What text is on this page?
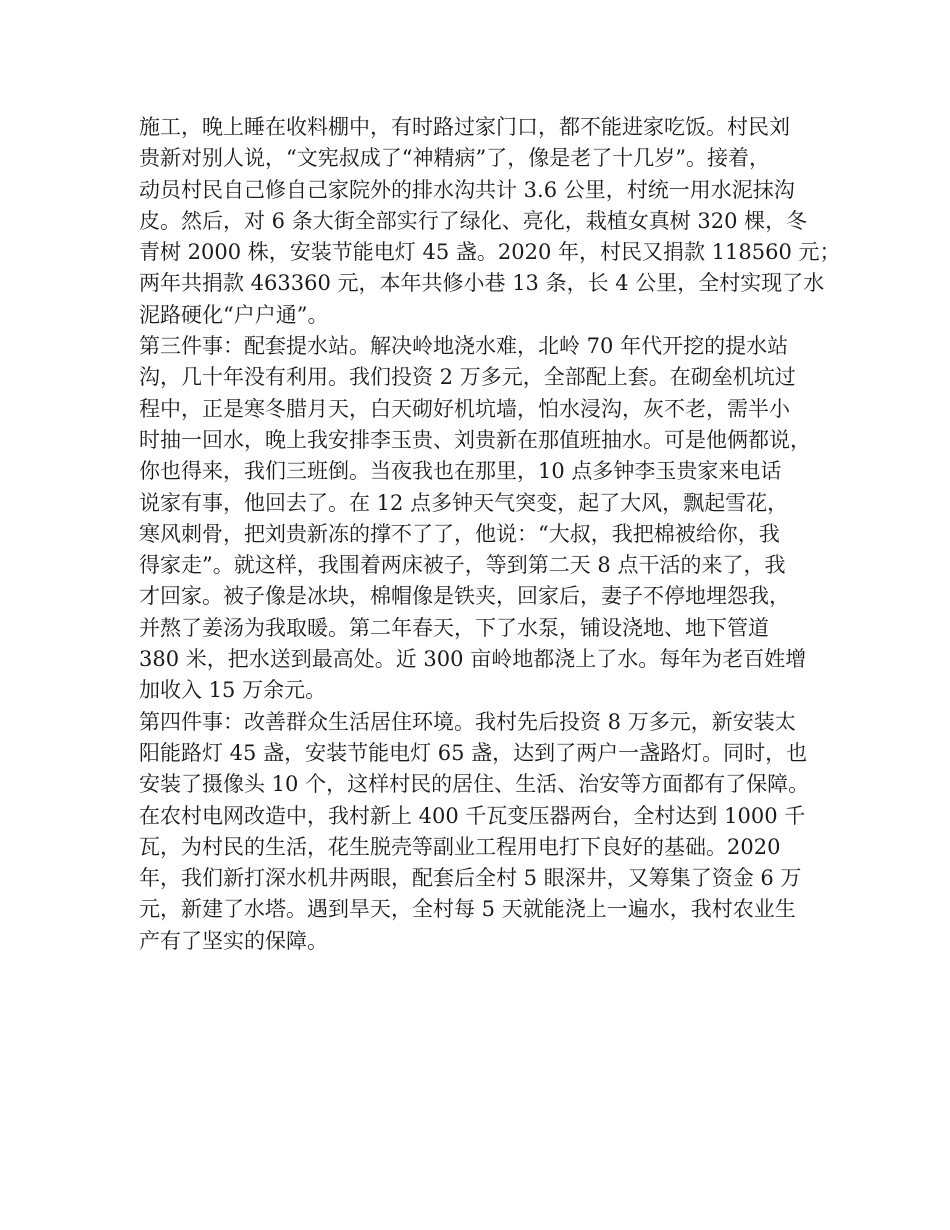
施工，晚上睡在收料棚中，有时路过家门口，都不能进家吃饭。村民刘
贵新对别人说，“文宪叔成了“神精病”了，像是老了十几岁”。接着，
动员村民自己修自己家院外的排水沟共计 3.6 公里，村统一用水泥抹沟
皮。然后，对 6 条大街全部实行了绿化、亮化，栽植女真树 320 棵，冬
青树 2000 株，安装节能电灯 45 盏。2020 年，村民又捐款 118560 元；
两年共捐款 463360 元，本年共修小巷 13 条，长 4 公里，全村实现了水
泥路硬化“户户通”。
第三件事：配套提水站。解决岭地浇水难，北岭 70 年代开挖的提水站
沟，几十年没有利用。我们投资 2 万多元，全部配上套。在砌垒机坑过
程中，正是寒冬腊月天，白天砌好机坑墙，怕水浸沟，灰不老，需半小
时抽一回水，晚上我安排李玉贵、刘贵新在那值班抽水。可是他俩都说，
你也得来，我们三班倒。当夜我也在那里，10 点多钟李玉贵家来电话
说家有事，他回去了。在 12 点多钟天气突变，起了大风，飘起雪花，
寒风刺骨，把刘贵新冻的撑不了了，他说：“大叔，我把棉被给你，我
得家走”。就这样，我围着两床被子，等到第二天 8 点干活的来了，我
才回家。被子像是冰块，棉帽像是铁夹，回家后，妻子不停地埋怨我，
并熬了姜汤为我取暖。第二年春天，下了水泵，铺设浇地、地下管道
380 米，把水送到最高处。近 300 亩岭地都浇上了水。每年为老百姓增
加收入 15 万余元。
第四件事：改善群众生活居住环境。我村先后投资 8 万多元，新安装太
阳能路灯 45 盏，安装节能电灯 65 盏，达到了两户一盏路灯。同时，也
安装了摄像头 10 个，这样村民的居住、生活、治安等方面都有了保障。
在农村电网改造中，我村新上 400 千瓦变压器两台，全村达到 1000 千
瓦，为村民的生活，花生脱壳等副业工程用电打下良好的基础。2020
年，我们新打深水机井两眼，配套后全村 5 眼深井，又筹集了资金 6 万
元，新建了水塔。遇到旱天，全村每 5 天就能浇上一遍水，我村农业生
产有了坚实的保障。
